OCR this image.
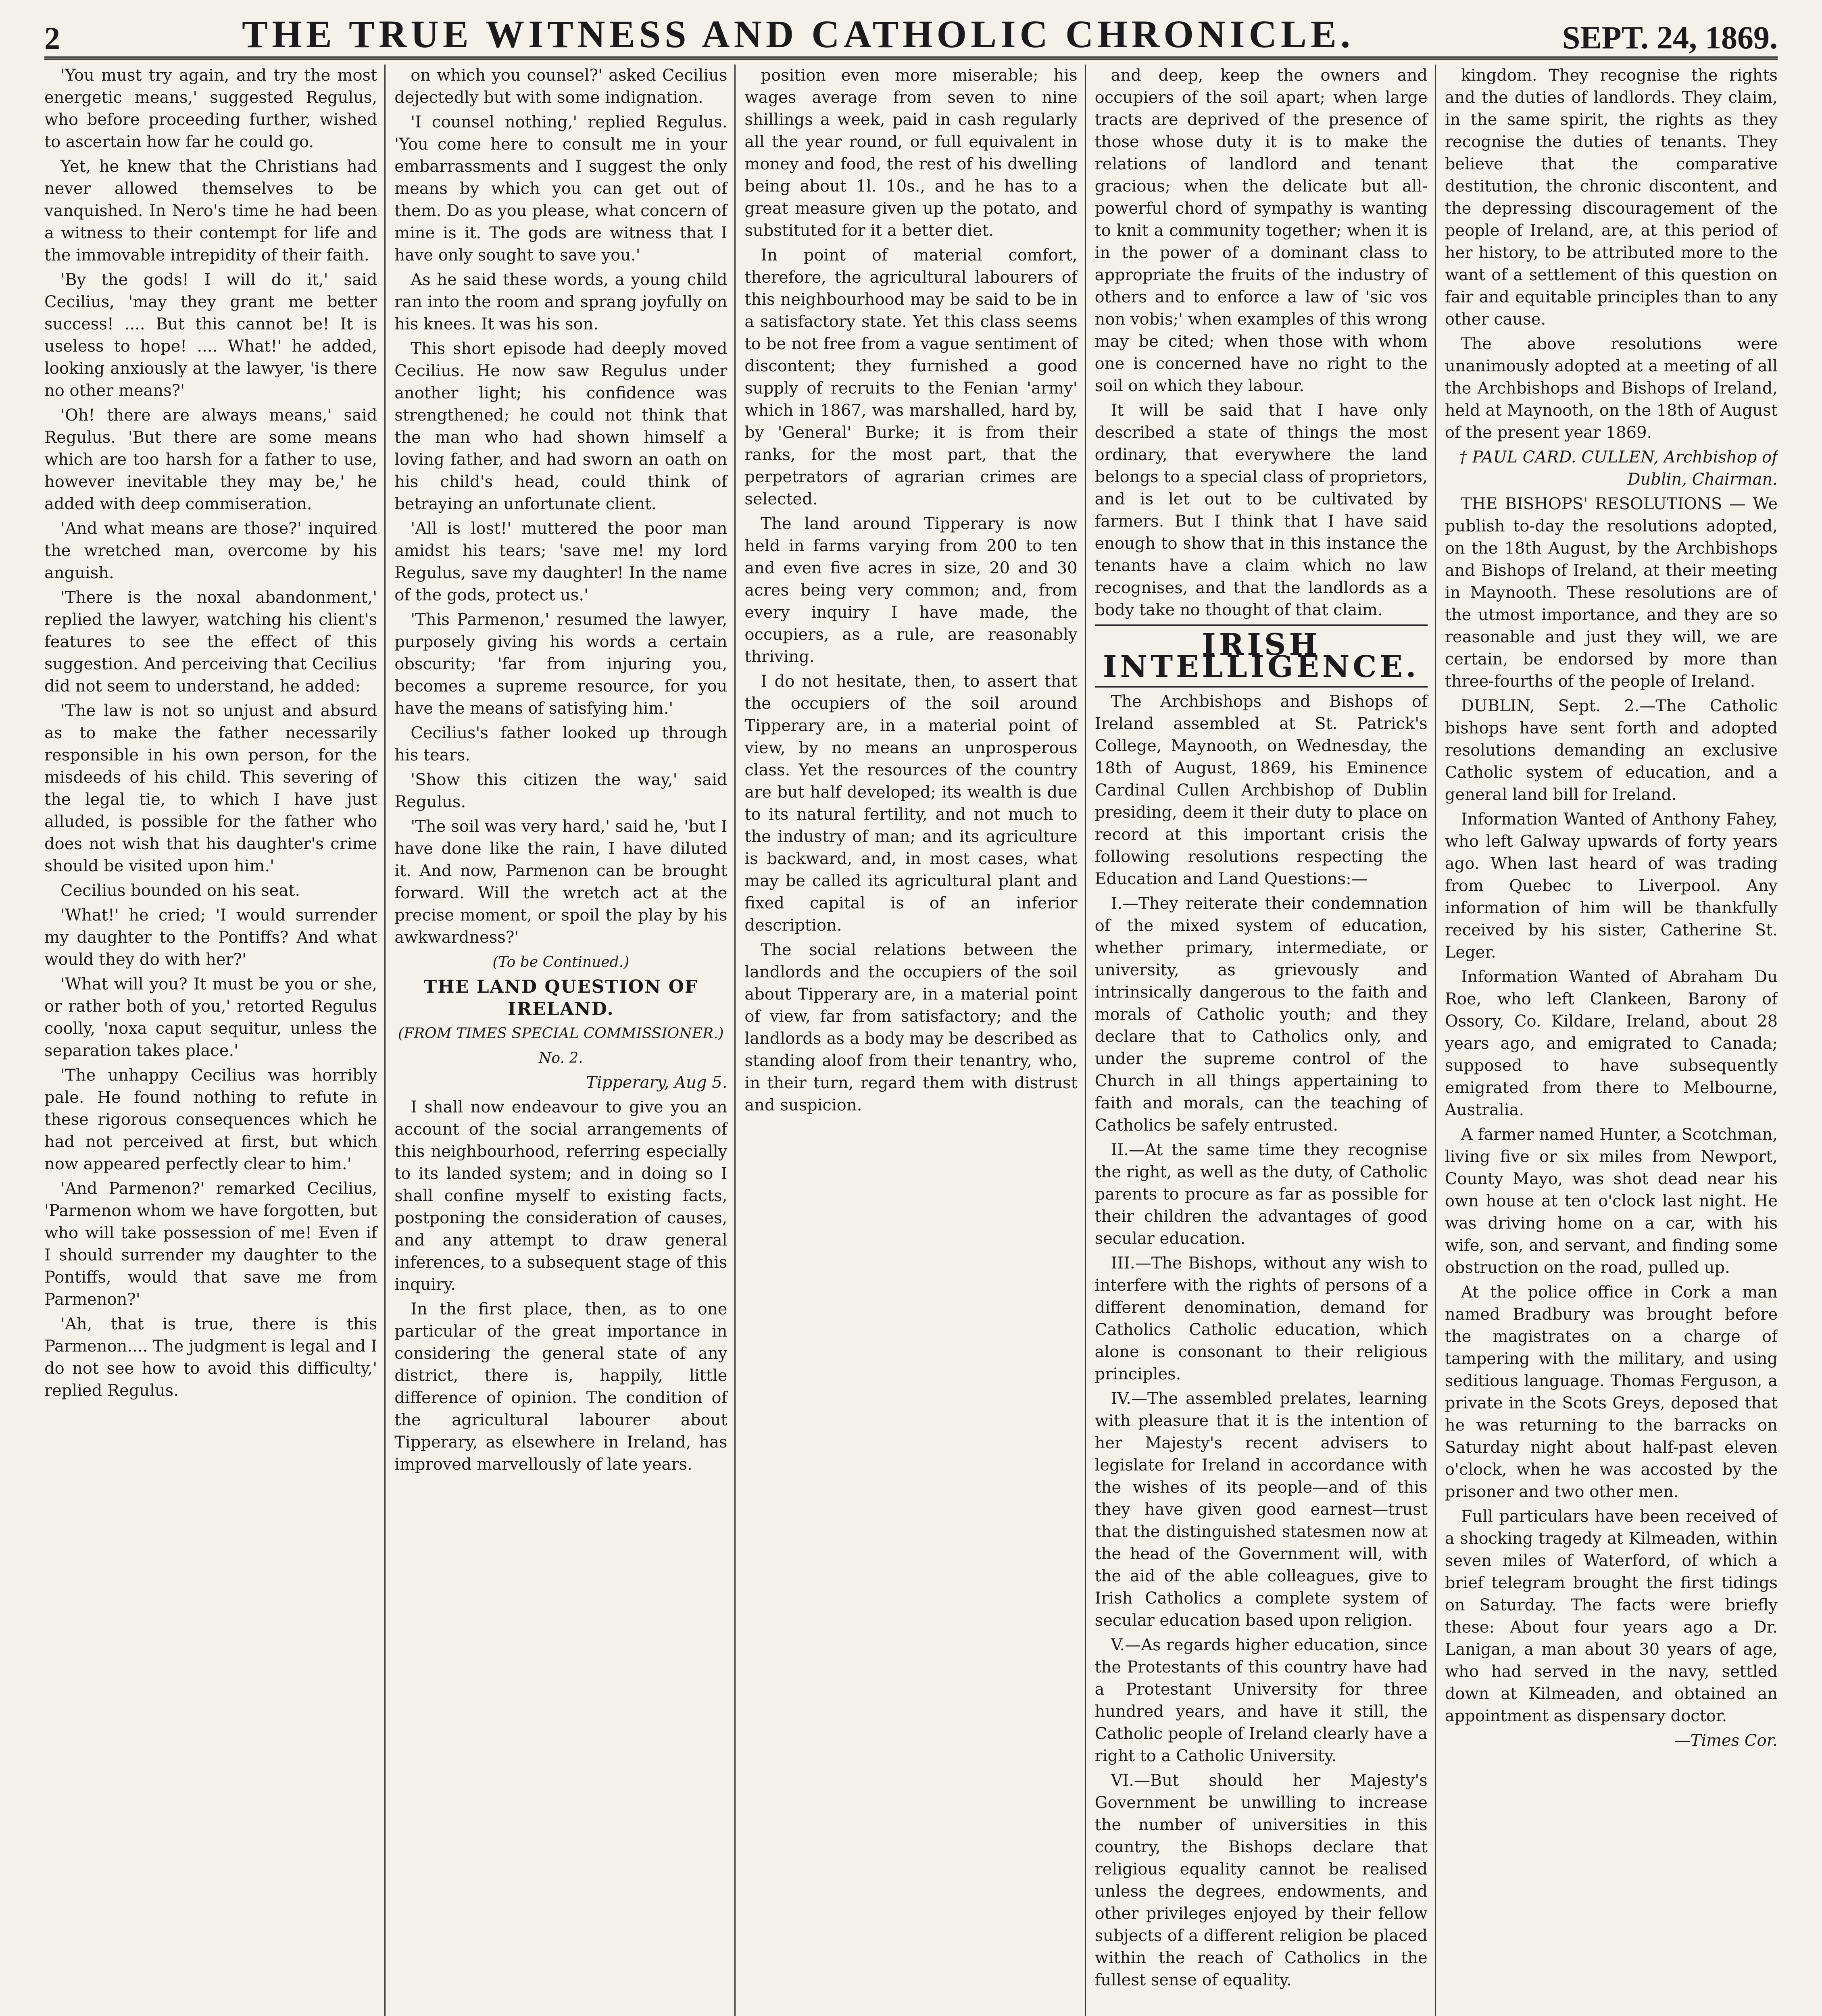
2	THE TRUE WITNESS AND CATHOLIC CHRONICLE.	SEPT. 24, 1869.

'You must try again, and try the most energetic means,' suggested Regulus, who before proceeding further, wished to ascertain how far he could go.

Yet, he knew that the Christians had never allowed themselves to be vanquished. In Nero's time he had been a witness to their contempt for life and the immovable intrepidity of their faith.

'By the gods! I will do it,' said Cecilius, 'may they grant me better success! .... But this cannot be! It is useless to hope! .... What!' he added, looking anxiously at the lawyer, 'is there no other means?'

'Oh! there are always means,' said Regulus. 'But there are some means which are too harsh for a father to use, however inevitable they may be,' he added with deep commiseration.

'And what means are those?' inquired the wretched man, overcome by his anguish.

'There is the noxal abandonment,' replied the lawyer, watching his client's features to see the effect of this suggestion. And perceiving that Cecilius did not seem to understand, he added:

'The law is not so unjust and absurd as to make the father necessarily responsible in his own person, for the misdeeds of his child. This severing of the legal tie, to which I have just alluded, is possible for the father who does not wish that his daughter's crime should be visited upon him.'

Cecilius bounded on his seat.

'What!' he cried; 'I would surrender my daughter to the Pontiffs? And what would they do with her?'

'What will you? It must be you or she, or rather both of you,' retorted Regulus coolly, 'noxa caput sequitur, unless the separation takes place.'

'The unhappy Cecilius was horribly pale. He found nothing to refute in these rigorous consequences which he had not perceived at first, but which now appeared perfectly clear to him.'

'And Parmenon?' remarked Cecilius, 'Parmenon whom we have forgotten, but who will take possession of me! Even if I should surrender my daughter to the Pontiffs, would that save me from Parmenon?'

'Ah, that is true, there is this Parmenon.... The judgment is legal and I do not see how to avoid this difficulty,' replied Regulus.

on which you counsel?' asked Cecilius dejectedly but with some indignation.

'I counsel nothing,' replied Regulus. 'You come here to consult me in your embarrassments and I suggest the only means by which you can get out of them. Do as you please, what concern of mine is it. The gods are witness that I have only sought to save you.'

As he said these words, a young child ran into the room and sprang joyfully on his knees. It was his son.

This short episode had deeply moved Cecilius. He now saw Regulus under another light; his confidence was strengthened; he could not think that the man who had shown himself a loving father, and had sworn an oath on his child's head, could think of betraying an unfortunate client.

'All is lost!' muttered the poor man amidst his tears; 'save me! my lord Regulus, save my daughter! In the name of the gods, protect us.'

'This Parmenon,' resumed the lawyer, purposely giving his words a certain obscurity; 'far from injuring you, becomes a supreme resource, for you have the means of satisfying him.'

Cecilius's father looked up through his tears.

'Show this citizen the way,' said Regulus.

'The soil was very hard,' said he, 'but I have done like the rain, I have diluted it. And now, Parmenon can be brought forward. Will the wretch act at the precise moment, or spoil the play by his awkwardness?'

(To be Continued.)

THE LAND QUESTION OF IRELAND.

(FROM TIMES SPECIAL COMMISSIONER.)

No. 2.

Tipperary, Aug 5.

I shall now endeavour to give you an account of the social arrangements of this neighbourhood, referring especially to its landed system; and in doing so I shall confine myself to existing facts, postponing the consideration of causes, and any attempt to draw general inferences, to a subsequent stage of this inquiry.

In the first place, then, as to one particular of the great importance in considering the general state of any district, there is, happily, little difference of opinion. The condition of the agricultural labourer about Tipperary, as elsewhere in Ireland, has improved marvellously of late years.

position even more miserable; his wages average from seven to nine shillings a week, paid in cash regularly all the year round, or full equivalent in money and food, the rest of his dwelling being about 1l. 10s., and he has to a great measure given up the potato, and substituted for it a better diet.

In point of material comfort, therefore, the agricultural labourers of this neighbourhood may be said to be in a satisfactory state. Yet this class seems to be not free from a vague sentiment of discontent; they furnished a good supply of recruits to the Fenian 'army' which in 1867, was marshalled, hard by, by 'General' Burke; it is from their ranks, for the most part, that the perpetrators of agrarian crimes are selected.

The land around Tipperary is now held in farms varying from 200 to ten and even five acres in size, 20 and 30 acres being very common; and, from every inquiry I have made, the occupiers, as a rule, are reasonably thriving.

I do not hesitate, then, to assert that the occupiers of the soil around Tipperary are, in a material point of view, by no means an unprosperous class. Yet the resources of the country are but half developed; its wealth is due to its natural fertility, and not much to the industry of man; and its agriculture is backward, and, in most cases, what may be called its agricultural plant and fixed capital is of an inferior description.

The social relations between the landlords and the occupiers of the soil about Tipperary are, in a material point of view, far from satisfactory; and the landlords as a body may be described as standing aloof from their tenantry, who, in their turn, regard them with distrust and suspicion.

and deep, keep the owners and occupiers of the soil apart; when large tracts are deprived of the presence of those whose duty it is to make the relations of landlord and tenant gracious; when the delicate but all-powerful chord of sympathy is wanting to knit a community together; when it is in the power of a dominant class to appropriate the fruits of the industry of others and to enforce a law of 'sic vos non vobis;' when examples of this wrong may be cited; when those with whom one is concerned have no right to the soil on which they labour.

It will be said that I have only described a state of things the most ordinary, that everywhere the land belongs to a special class of proprietors, and is let out to be cultivated by farmers. But I think that I have said enough to show that in this instance the tenants have a claim which no law recognises, and that the landlords as a body take no thought of that claim.

IRISH INTELLIGENCE.

The Archbishops and Bishops of Ireland assembled at St. Patrick's College, Maynooth, on Wednesday, the 18th of August, 1869, his Eminence Cardinal Cullen Archbishop of Dublin presiding, deem it their duty to place on record at this important crisis the following resolutions respecting the Education and Land Questions:—

I.—They reiterate their condemnation of the mixed system of education, whether primary, intermediate, or university, as grievously and intrinsically dangerous to the faith and morals of Catholic youth; and they declare that to Catholics only, and under the supreme control of the Church in all things appertaining to faith and morals, can the teaching of Catholics be safely entrusted.

II.—At the same time they recognise the right, as well as the duty, of Catholic parents to procure as far as possible for their children the advantages of good secular education.

III.—The Bishops, without any wish to interfere with the rights of persons of a different denomination, demand for Catholics Catholic education, which alone is consonant to their religious principles.

IV.—The assembled prelates, learning with pleasure that it is the intention of her Majesty's recent advisers to legislate for Ireland in accordance with the wishes of its people—and of this they have given good earnest—trust that the distinguished statesmen now at the head of the Government will, with the aid of the able colleagues, give to Irish Catholics a complete system of secular education based upon religion.

V.—As regards higher education, since the Protestants of this country have had a Protestant University for three hundred years, and have it still, the Catholic people of Ireland clearly have a right to a Catholic University.

VI.—But should her Majesty's Government be unwilling to increase the number of universities in this country, the Bishops declare that religious equality cannot be realised unless the degrees, endowments, and other privileges enjoyed by their fellow subjects of a different religion be placed within the reach of Catholics in the fullest sense of equality.

kingdom. They recognise the rights and the duties of landlords. They claim, in the same spirit, the rights as they recognise the duties of tenants. They believe that the comparative destitution, the chronic discontent, and the depressing discouragement of the people of Ireland, are, at this period of her history, to be attributed more to the want of a settlement of this question on fair and equitable principles than to any other cause.

The above resolutions were unanimously adopted at a meeting of all the Archbishops and Bishops of Ireland, held at Maynooth, on the 18th of August of the present year 1869.

† PAUL CARD. CULLEN, Archbishop of Dublin, Chairman.

THE BISHOPS' RESOLUTIONS — We publish to-day the resolutions adopted, on the 18th August, by the Archbishops and Bishops of Ireland, at their meeting in Maynooth. These resolutions are of the utmost importance, and they are so reasonable and just they will, we are certain, be endorsed by more than three-fourths of the people of Ireland.

DUBLIN, Sept. 2.—The Catholic bishops have sent forth and adopted resolutions demanding an exclusive Catholic system of education, and a general land bill for Ireland.

Information Wanted of Anthony Fahey, who left Galway upwards of forty years ago. When last heard of was trading from Quebec to Liverpool. Any information of him will be thankfully received by his sister, Catherine St. Leger.

Information Wanted of Abraham Du Roe, who left Clankeen, Barony of Ossory, Co. Kildare, Ireland, about 28 years ago, and emigrated to Canada; supposed to have subsequently emigrated from there to Melbourne, Australia.

A farmer named Hunter, a Scotchman, living five or six miles from Newport, County Mayo, was shot dead near his own house at ten o'clock last night. He was driving home on a car, with his wife, son, and servant, and finding some obstruction on the road, pulled up.

At the police office in Cork a man named Bradbury was brought before the magistrates on a charge of tampering with the military, and using seditious language. Thomas Ferguson, a private in the Scots Greys, deposed that he was returning to the barracks on Saturday night about half-past eleven o'clock, when he was accosted by the prisoner and two other men.

Full particulars have been received of a shocking tragedy at Kilmeaden, within seven miles of Waterford, of which a brief telegram brought the first tidings on Saturday. The facts were briefly these: About four years ago a Dr. Lanigan, a man about 30 years of age, who had served in the navy, settled down at Kilmeaden, and obtained an appointment as dispensary doctor.

—Times Cor.
